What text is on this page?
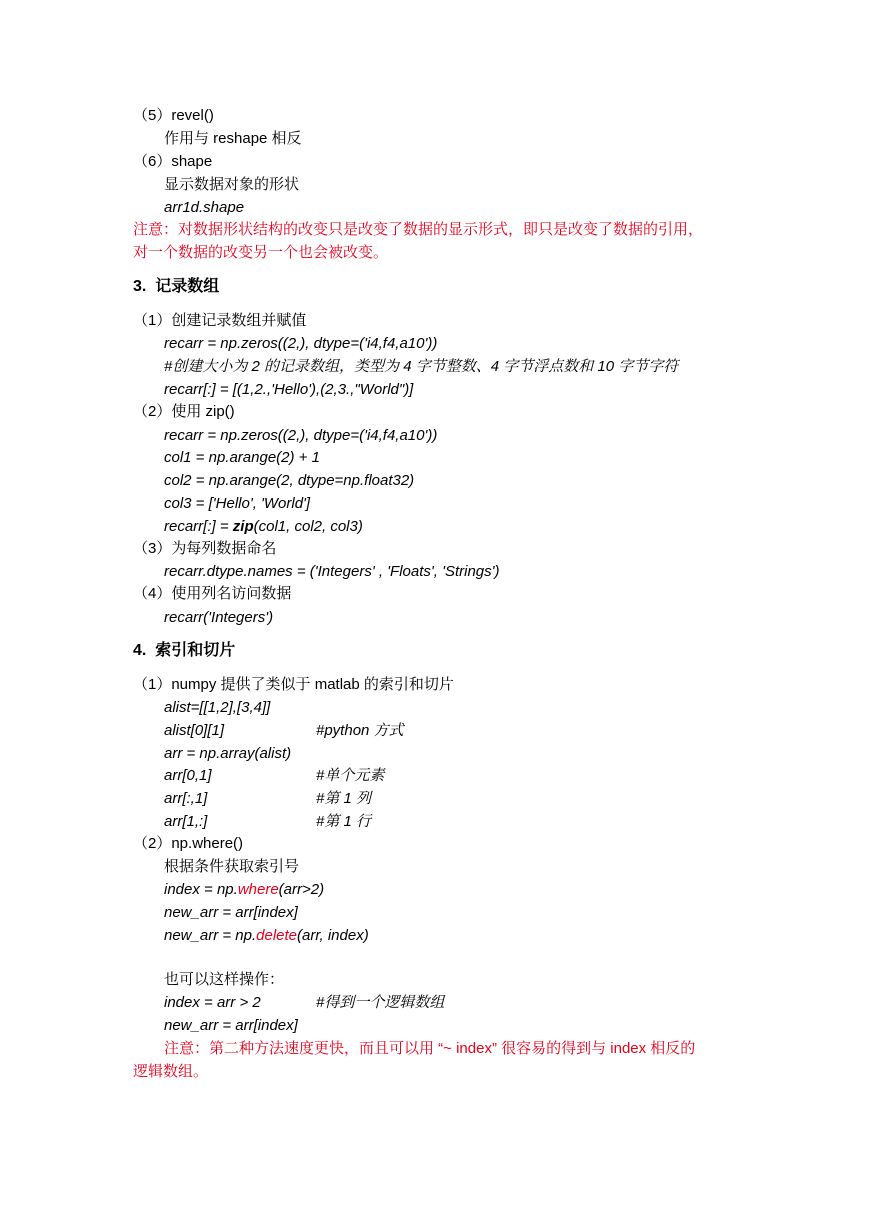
（5）revel()
作用与 reshape 相反
（6）shape
显示数据对象的形状
arr1d.shape
注意：对数据形状结构的改变只是改变了数据的显示形式，即只是改变了数据的引用，
对一个数据的改变另一个也会被改变。
3.  记录数组
（1）创建记录数组并赋值
recarr = np.zeros((2,), dtype=('i4,f4,a10'))
#创建大小为 2 的记录数组，类型为 4 字节整数、4 字节浮点数和 10 字节字符
recarr[:] = [(1,2.,'Hello'),(2,3.,"World")]
（2）使用 zip()
recarr = np.zeros((2,), dtype=('i4,f4,a10'))
col1 = np.arange(2) + 1
col2 = np.arange(2, dtype=np.float32)
col3 = ['Hello', 'World']
recarr[:] = zip(col1, col2, col3)
（3）为每列数据命名
recarr.dtype.names = ('Integers' , 'Floats', 'Strings')
（4）使用列名访问数据
recarr('Integers')
4.  索引和切片
（1）numpy 提供了类似于 matlab 的索引和切片
alist=[[1,2],[3,4]]
alist[0][1]	#python 方式
arr = np.array(alist)
arr[0,1]	#单个元素
arr[:,1]	#第 1 列
arr[1,:]	#第 1 行
（2）np.where()
根据条件获取索引号
index = np.where(arr>2)
new_arr = arr[index]
new_arr = np.delete(arr, index)
也可以这样操作：
index = arr > 2	#得到一个逻辑数组
new_arr = arr[index]
注意：第二种方法速度更快，而且可以用 “~ index” 很容易的得到与 index 相反的
逻辑数组。
